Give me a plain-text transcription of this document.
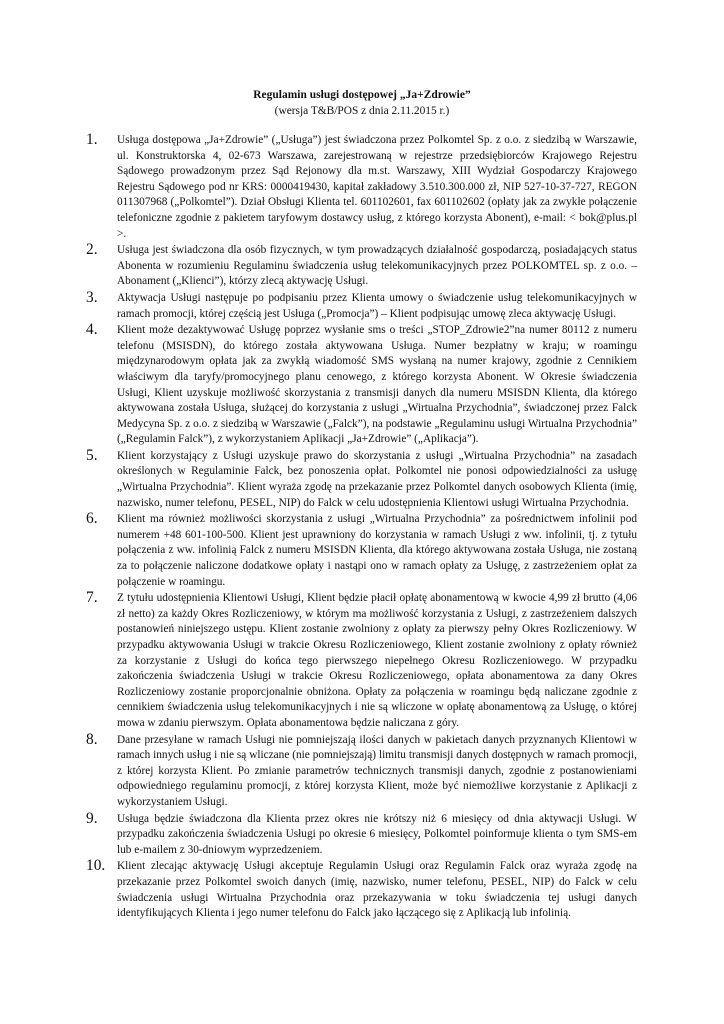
Regulamin usługi dostępowej „Ja+Zdrowie”
(wersja T&B/POS z dnia 2.11.2015 r.)
1. Usługa dostępowa „Ja+Zdrowie” („Usługa”) jest świadczona przez Polkomtel Sp. z o.o. z siedzibą w Warszawie, ul. Konstruktorska 4, 02-673 Warszawa, zarejestrowaną w rejestrze przedsiębiorców Krajowego Rejestru Sądowego prowadzonym przez Sąd Rejonowy dla m.st. Warszawy, XIII Wydział Gospodarczy Krajowego Rejestru Sądowego pod nr KRS: 0000419430, kapitał zakładowy 3.510.300.000 zł, NIP 527-10-37-727, REGON 011307968 („Polkomtel”). Dział Obsługi Klienta tel. 601102601, fax 601102602 (opłaty jak za zwykłe połączenie telefoniczne zgodnie z pakietem taryfowym dostawcy usług, z którego korzysta Abonent), e-mail: < bok@plus.pl >.
2. Usługa jest świadczona dla osób fizycznych, w tym prowadzących działalność gospodarczą, posiadających status Abonenta w rozumieniu Regulaminu świadczenia usług telekomunikacyjnych przez POLKOMTEL sp. z o.o. – Abonament („Klienci”), którzy zlecą aktywację Usługi.
3. Aktywacja Usługi następuje po podpisaniu przez Klienta umowy o świadczenie usług telekomunikacyjnych w ramach promocji, której częścią jest Usługa („Promocja”) – Klient podpisując umowę zleca aktywację Usługi.
4. Klient może dezaktywować Usługę poprzez wysłanie sms o treści „STOP_Zdrowie2”na numer 80112 z numeru telefonu (MSISDN), do którego została aktywowana Usługa. Numer bezpłatny w kraju; w roamingu międzynarodowym opłata jak za zwykłą wiadomość SMS wysłaną na numer krajowy, zgodnie z Cennikiem właściwym dla taryfy/promocyjnego planu cenowego, z którego korzysta Abonent. W Okresie świadczenia Usługi, Klient uzyskuje możliwość skorzystania z transmisji danych dla numeru MSISDN Klienta, dla którego aktywowana została Usługa, służącej do korzystania z usługi „Wirtualna Przychodnia”, świadczonej przez Falck Medycyna Sp. z o.o. z siedzibą w Warszawie („Falck”), na podstawie „Regulaminu usługi Wirtualna Przychodnia” („Regulamin Falck”), z wykorzystaniem Aplikacji „Ja+Zdrowie” („Aplikacja”).
5. Klient korzystający z Usługi uzyskuje prawo do skorzystania z usługi „Wirtualna Przychodnia” na zasadach określonych w Regulaminie Falck, bez ponoszenia opłat. Polkomtel nie ponosi odpowiedzialności za usługę „Wirtualna Przychodnia”. Klient wyraża zgodę na przekazanie przez Polkomtel danych osobowych Klienta (imię, nazwisko, numer telefonu, PESEL, NIP) do Falck w celu udostępnienia Klientowi usługi Wirtualna Przychodnia.
6. Klient ma również możliwości skorzystania z usługi „Wirtualna Przychodnia” za pośrednictwem infolinii pod numerem +48 601-100-500. Klient jest uprawniony do korzystania w ramach Usługi z ww. infolinii, tj. z tytułu połączenia z ww. infolinią Falck z numeru MSISDN Klienta, dla którego aktywowana została Usługa, nie zostaną za to połączenie naliczone dodatkowe opłaty i nastąpi ono w ramach opłaty za Usługę, z zastrzeżeniem opłat za połączenie w roamingu.
7. Z tytułu udostępnienia Klientowi Usługi, Klient będzie płacił opłatę abonamentową w kwocie 4,99 zł brutto (4,06 zł netto) za każdy Okres Rozliczeniowy, w którym ma możliwość korzystania z Usługi, z zastrzeżeniem dalszych postanowień niniejszego ustępu. Klient zostanie zwolniony z opłaty za pierwszy pełny Okres Rozliczeniowy. W przypadku aktywowania Usługi w trakcie Okresu Rozliczeniowego, Klient zostanie zwolniony z opłaty również za korzystanie z Usługi do końca tego pierwszego niepełnego Okresu Rozliczeniowego. W przypadku zakończenia świadczenia Usługi w trakcie Okresu Rozliczeniowego, opłata abonamentowa za dany Okres Rozliczeniowy zostanie proporcjonalnie obniżona. Opłaty za połączenia w roamingu będą naliczane zgodnie z cennikiem świadczenia usług telekomunikacyjnych i nie są wliczone w opłatę abonamentową za Usługę, o której mowa w zdaniu pierwszym. Opłata abonamentowa będzie naliczana z góry.
8. Dane przesyłane w ramach Usługi nie pomniejszają ilości danych w pakietach danych przyznanych Klientowi w ramach innych usług i nie są wliczane (nie pomniejszają) limitu transmisji danych dostępnych w ramach promocji, z której korzysta Klient. Po zmianie parametrów technicznych transmisji danych, zgodnie z postanowieniami odpowiedniego regulaminu promocji, z której korzysta Klient, może być niemożliwe korzystanie z Aplikacji z wykorzystaniem Usługi.
9. Usługa będzie świadczona dla Klienta przez okres nie krótszy niż 6 miesięcy od dnia aktywacji Usługi. W przypadku zakończenia świadczenia Usługi po okresie 6 miesięcy, Polkomtel poinformuje klienta o tym SMS-em lub e-mailem z 30-dniowym wyprzedzeniem.
10. Klient zlecając aktywację Usługi akceptuje Regulamin Usługi oraz Regulamin Falck oraz wyraża zgodę na przekazanie przez Polkomtel swoich danych (imię, nazwisko, numer telefonu, PESEL, NIP) do Falck w celu świadczenia usługi Wirtualna Przychodnia oraz przekazywania w toku świadczenia tej usługi danych identyfikujących Klienta i jego numer telefonu do Falck jako łączącego się z Aplikacją lub infolinią.
